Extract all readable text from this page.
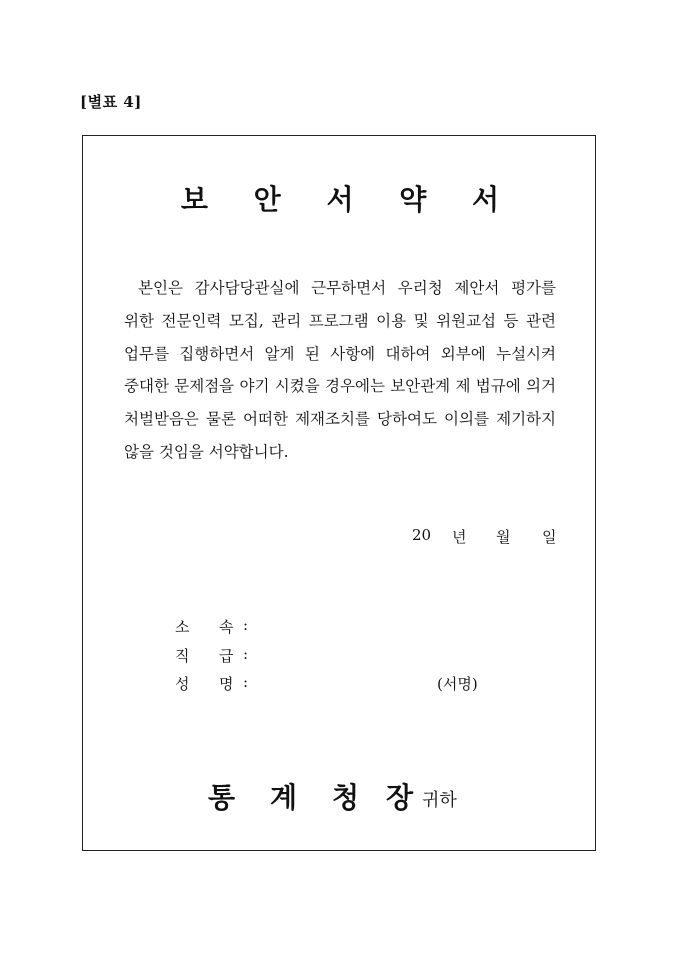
[별표 4]
보 안 서 약 서
본인은 감사담당관실에 근무하면서 우리청 제안서 평가를 위한 전문인력 모집, 관리 프로그램 이용 및 위원교섭 등 관련 업무를 집행하면서 알게 된 사항에 대하여 외부에 누설시켜 중대한 문제점을 야기 시켰을 경우에는 보안관계 제 법규에 의거 처벌받음은 물론 어떠한 제재조치를 당하여도 이의를 제기하지 않을 것임을 서약합니다.
20 년 월 일
소 속 :
직 급 :
성 명 :	(서명)
통 계 청 장 귀하
